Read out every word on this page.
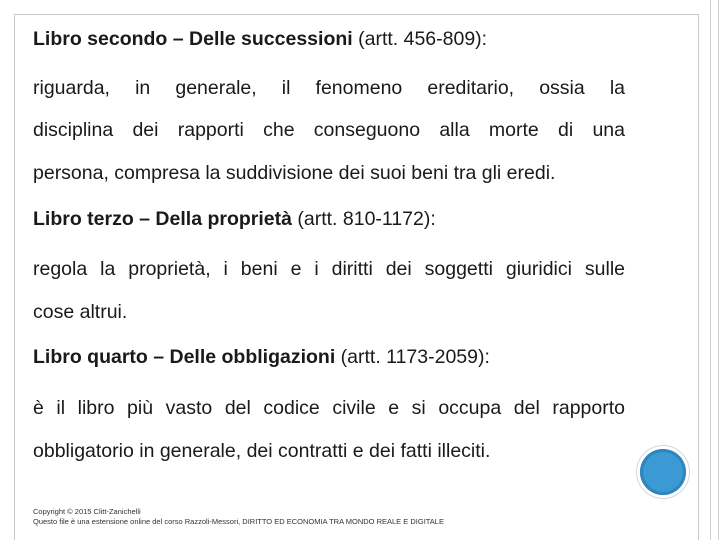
Libro secondo – Delle successioni (artt. 456-809):

riguarda, in generale, il fenomeno ereditario, ossia la

disciplina dei rapporti che conseguono alla morte di una

persona, compresa la suddivisione dei suoi beni tra gli eredi.

Libro terzo – Della proprietà (artt. 810-1172):

regola la proprietà, i beni e i diritti dei soggetti giuridici sulle

cose altrui.

Libro quarto – Delle obbligazioni (artt. 1173-2059):

è il libro più vasto del codice civile e si occupa del rapporto

obbligatorio in generale, dei contratti e dei fatti illeciti.

Copyright © 2015 Clitt-Zanichelli
Questo file è una estensione online del corso Razzoli-Messori, DIRITTO ED ECONOMIA TRA MONDO REALE E DIGITALE
